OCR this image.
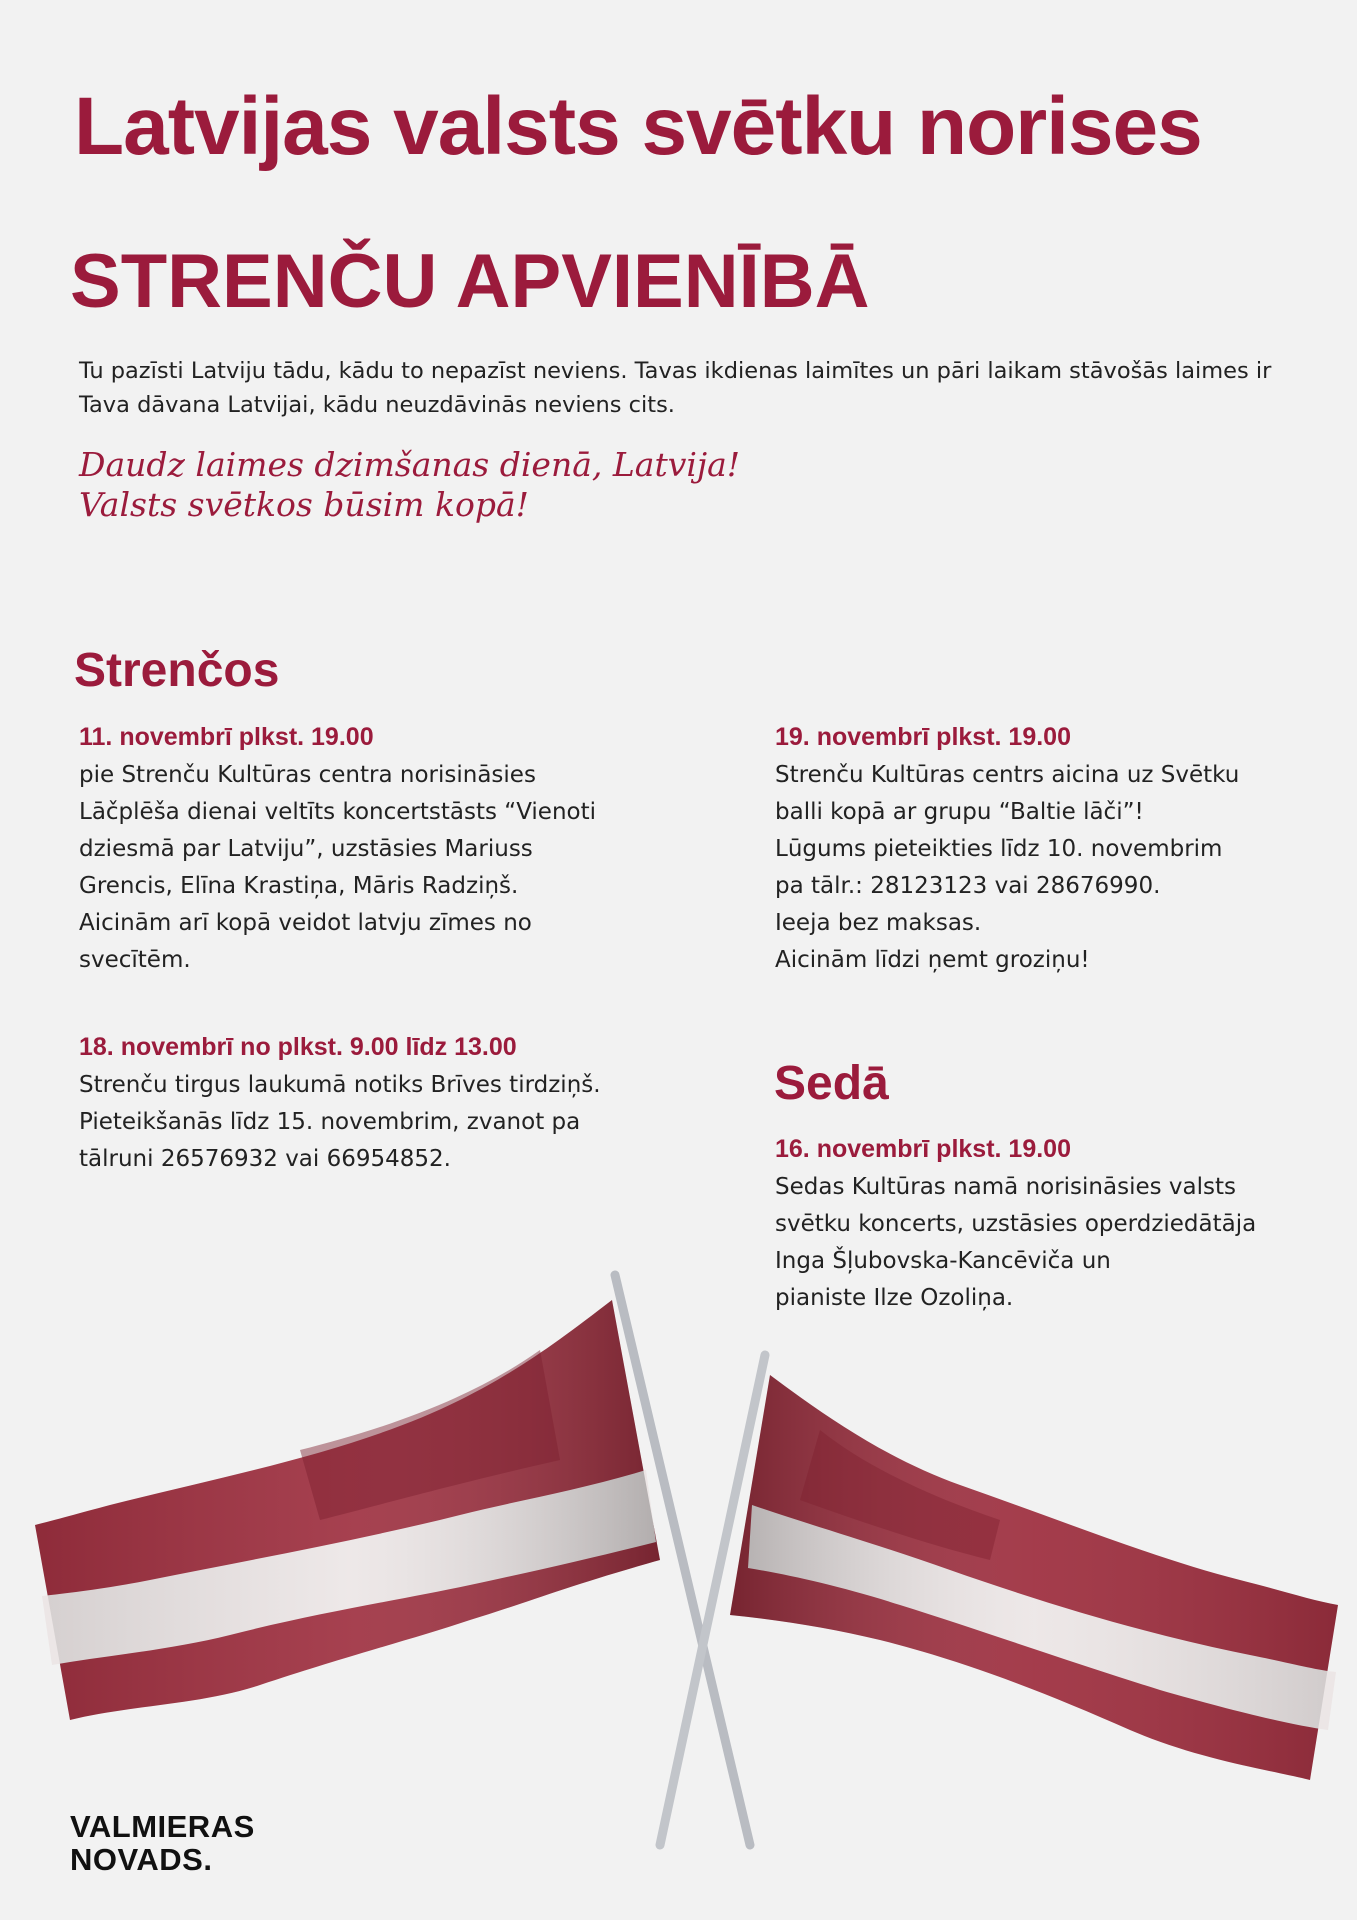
Latvijas valsts svētku norises
STRENČU APVIENĪBĀ

Tu pazīsti Latviju tādu, kādu to nepazīst neviens. Tavas ikdienas laimītes un pāri laikam stāvošās laimes ir Tava dāvana Latvijai, kādu neuzdāvinās neviens cits.

Daudz laimes dzimšanas dienā, Latvija!
Valsts svētkos būsim kopā!
Strenčos
11. novembrī plkst. 19.00
pie Strenču Kultūras centra norisināsies
Lāčplēša dienai veltīts koncertstāsts “Vienoti
dziesmā par Latviju”, uzstāsies Mariuss
Grencis, Elīna Krastiņa, Māris Radziņš.
Aicinām arī kopā veidot latvju zīmes no
svecītēm.
18. novembrī no plkst. 9.00 līdz 13.00
Strenču tirgus laukumā notiks Brīves tirdziņš.
Pieteikšanās līdz 15. novembrim, zvanot pa
tālruni 26576932 vai 66954852.
19. novembrī plkst. 19.00
Strenču Kultūras centrs aicina uz Svētku
balli kopā ar grupu “Baltie lāči”!
Lūgums pieteikties līdz 10. novembrim
pa tālr.: 28123123 vai 28676990.
Ieeja bez maksas.
Aicinām līdzi ņemt groziņu!
Sedā
16. novembrī plkst. 19.00
Sedas Kultūras namā norisināsies valsts
svētku koncerts, uzstāsies operdziedātāja
Inga Šļubovska-Kancēviča un
pianiste Ilze Ozoliņa.
VALMIERAS
NOVADS.
